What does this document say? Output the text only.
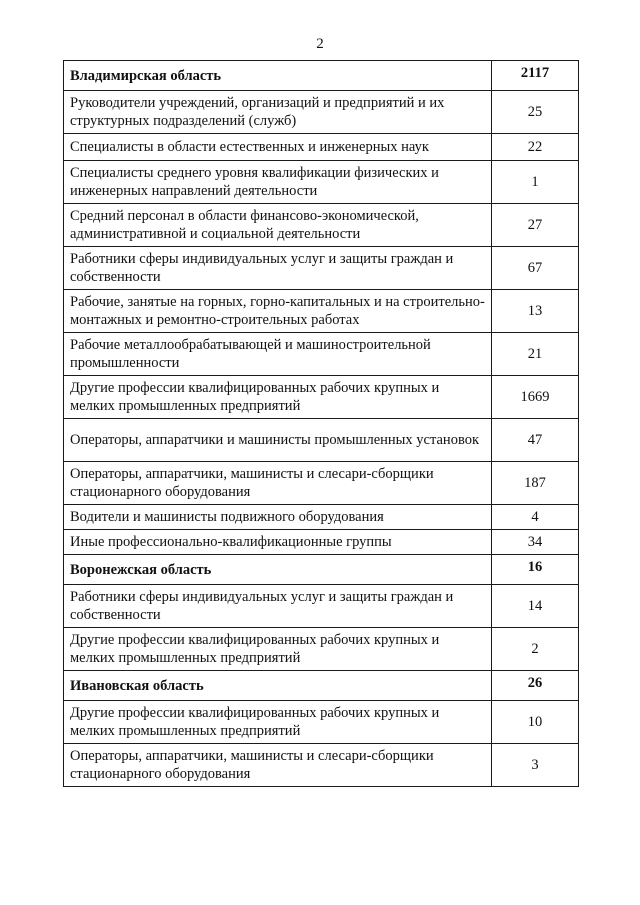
2
Владимирская область	2117
Руководители учреждений, организаций и предприятий и их структурных подразделений (служб)	25
Специалисты в области естественных и инженерных наук	22
Специалисты среднего уровня квалификации физических и инженерных направлений деятельности	1
Средний персонал в области финансово-экономической, административной и социальной деятельности	27
Работники сферы индивидуальных услуг и защиты граждан и собственности	67
Рабочие, занятые на горных, горно-капитальных и на строительно-монтажных и ремонтно-строительных работах	13
Рабочие металлообрабатывающей и машиностроительной промышленности	21
Другие профессии квалифицированных рабочих крупных и мелких промышленных предприятий	1669
Операторы, аппаратчики и машинисты промышленных установок	47
Операторы, аппаратчики, машинисты и слесари-сборщики стационарного оборудования	187
Водители и машинисты подвижного оборудования	4
Иные профессионально-квалификационные группы	34
Воронежская область	16
Работники сферы индивидуальных услуг и защиты граждан и собственности	14
Другие профессии квалифицированных рабочих крупных и мелких промышленных предприятий	2
Ивановская область	26
Другие профессии квалифицированных рабочих крупных и мелких промышленных предприятий	10
Операторы, аппаратчики, машинисты и слесари-сборщики стационарного оборудования	3
